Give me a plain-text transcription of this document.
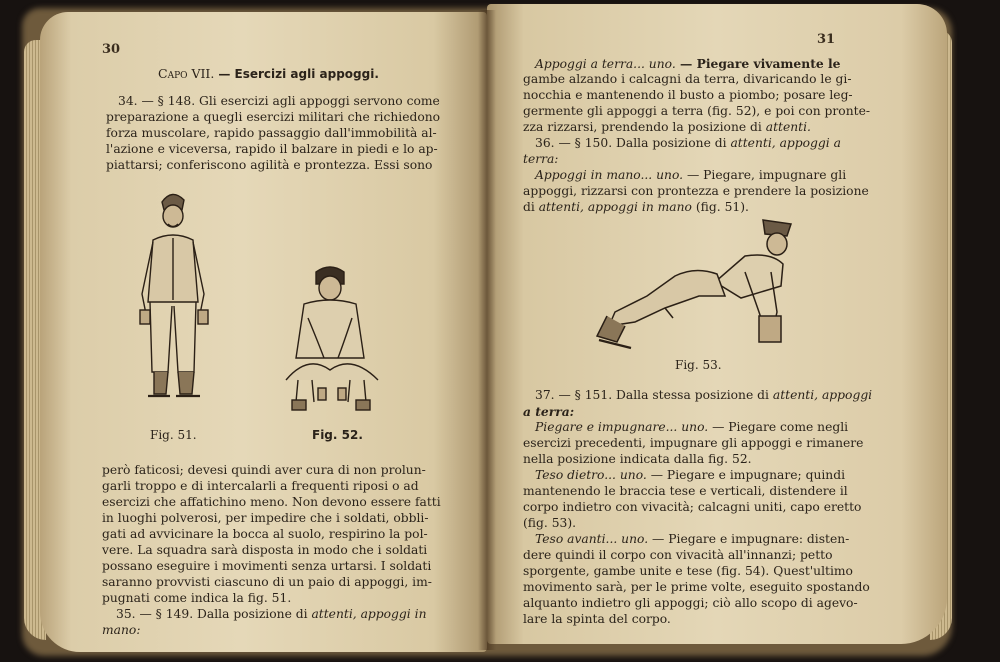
30
Capo VII. — Esercizi agli appoggi.
34. — § 148. Gli esercizi agli appoggi servono come
preparazione a quegli esercizi militari che richiedono
forza muscolare, rapido passaggio dall'immobilità al-
l'azione e viceversa, rapido il balzare in piedi e lo ap-
piattarsi; conferiscono agilità e prontezza. Essi sono
Fig. 51.	Fig. 52.
però faticosi; devesi quindi aver cura di non prolun-
garli troppo e di intercalarli a frequenti riposi o ad
esercizi che affatichino meno. Non devono essere fatti
in luoghi polverosi, per impedire che i soldati, obbli-
gati ad avvicinare la bocca al suolo, respirino la pol-
vere. La squadra sarà disposta in modo che i soldati
possano eseguire i movimenti senza urtarsi. I soldati
saranno provvisti ciascuno di un paio di appoggi, im-
pugnati come indica la fig. 51.
35. — § 149. Dalla posizione di attenti, appoggi in
mano:
31
Appoggi a terra... uno. — Piegare vivamente le
gambe alzando i calcagni da terra, divaricando le gi-
nocchia e mantenendo il busto a piombo; posare leg-
germente gli appoggi a terra (fig. 52), e poi con pronte-
zza rizzarsi, prendendo la posizione di attenti.
36. — § 150. Dalla posizione di attenti, appoggi a
terra:
Appoggi in mano... uno. — Piegare, impugnare gli
appoggi, rizzarsi con prontezza e prendere la posizione
di attenti, appoggi in mano (fig. 51).
Fig. 53.
37. — § 151. Dalla stessa posizione di attenti, appoggi
a terra:
Piegare e impugnare... uno. — Piegare come negli
esercizi precedenti, impugnare gli appoggi e rimanere
nella posizione indicata dalla fig. 52.
Teso dietro... uno. — Piegare e impugnare; quindi
mantenendo le braccia tese e verticali, distendere il
corpo indietro con vivacità; calcagni uniti, capo eretto
(fig. 53).
Teso avanti... uno. — Piegare e impugnare: disten-
dere quindi il corpo con vivacità all'innanzi; petto
sporgente, gambe unite e tese (fig. 54). Quest'ultimo
movimento sarà, per le prime volte, eseguito spostando
alquanto indietro gli appoggi; ciò allo scopo di agevo-
lare la spinta del corpo.
